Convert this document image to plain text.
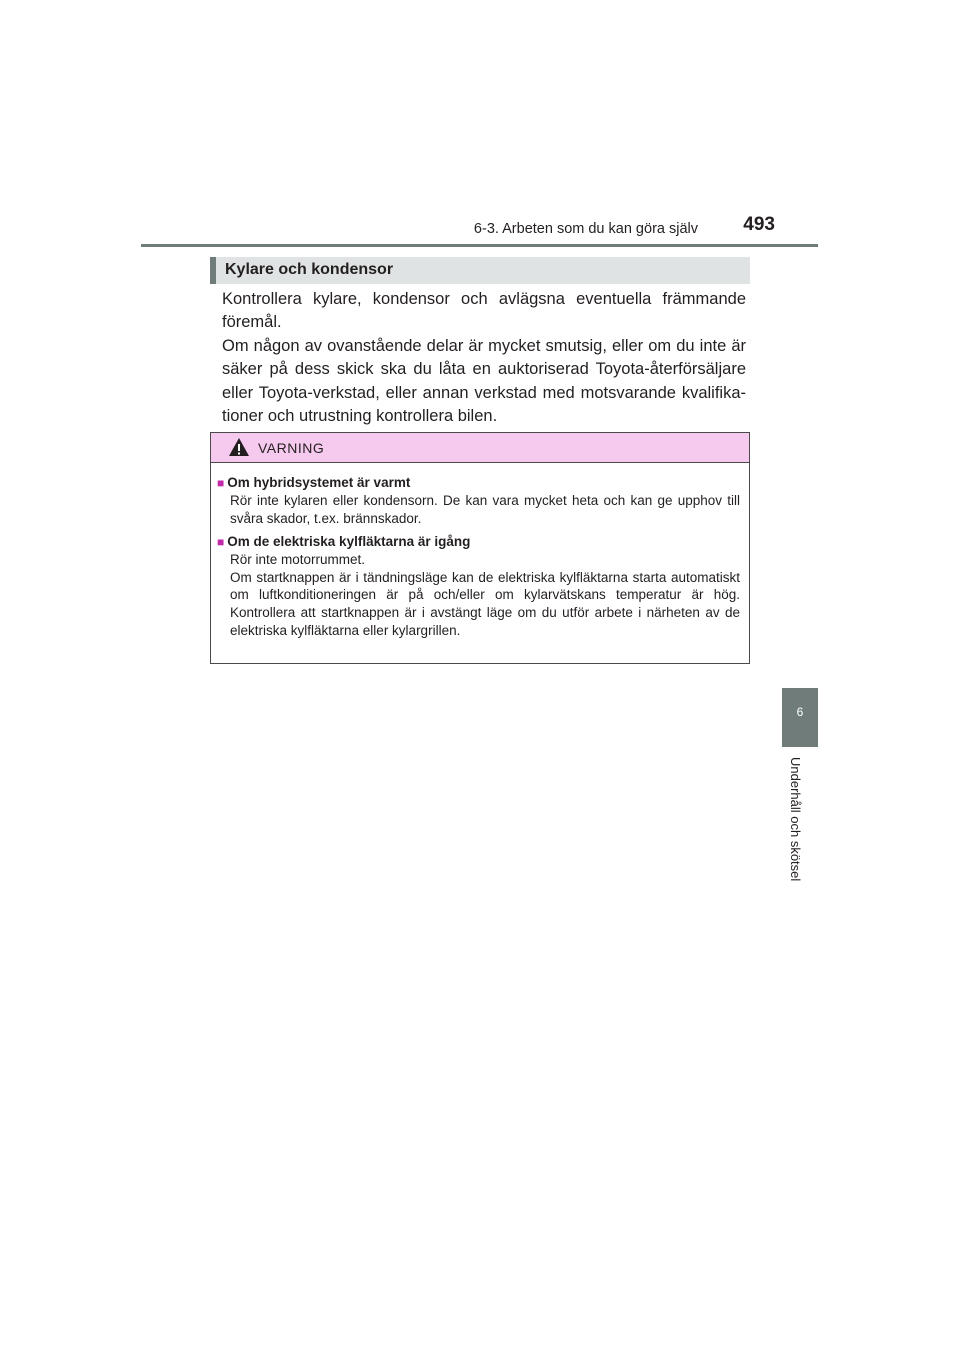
6-3. Arbeten som du kan göra själv	493
Kylare och kondensor

Kontrollera kylare, kondensor och avlägsna eventuella främmande föremål.

Om någon av ovanstående delar är mycket smutsig, eller om du inte är säker på dess skick ska du låta en auktoriserad Toyota-återförsäljare eller Toyota-verkstad, eller annan verkstad med motsvarande kvalifikationer och utrustning kontrollera bilen.

VARNING
■ Om hybridsystemet är varmt

Rör inte kylaren eller kondensorn. De kan vara mycket heta och kan ge upphov till svåra skador, t.ex. brännskador.

■ Om de elektriska kylfläktarna är igång

Rör inte motorrummet.

Om startknappen är i tändningsläge kan de elektriska kylfläktarna starta automatiskt om luftkonditioneringen är på och/eller om kylarvätskans temperatur är hög. Kontrollera att startknappen är i avstängt läge om du utför arbete i närheten av de elektriska kylfläktarna eller kylargrillen.

6
Underhåll och skötsel
